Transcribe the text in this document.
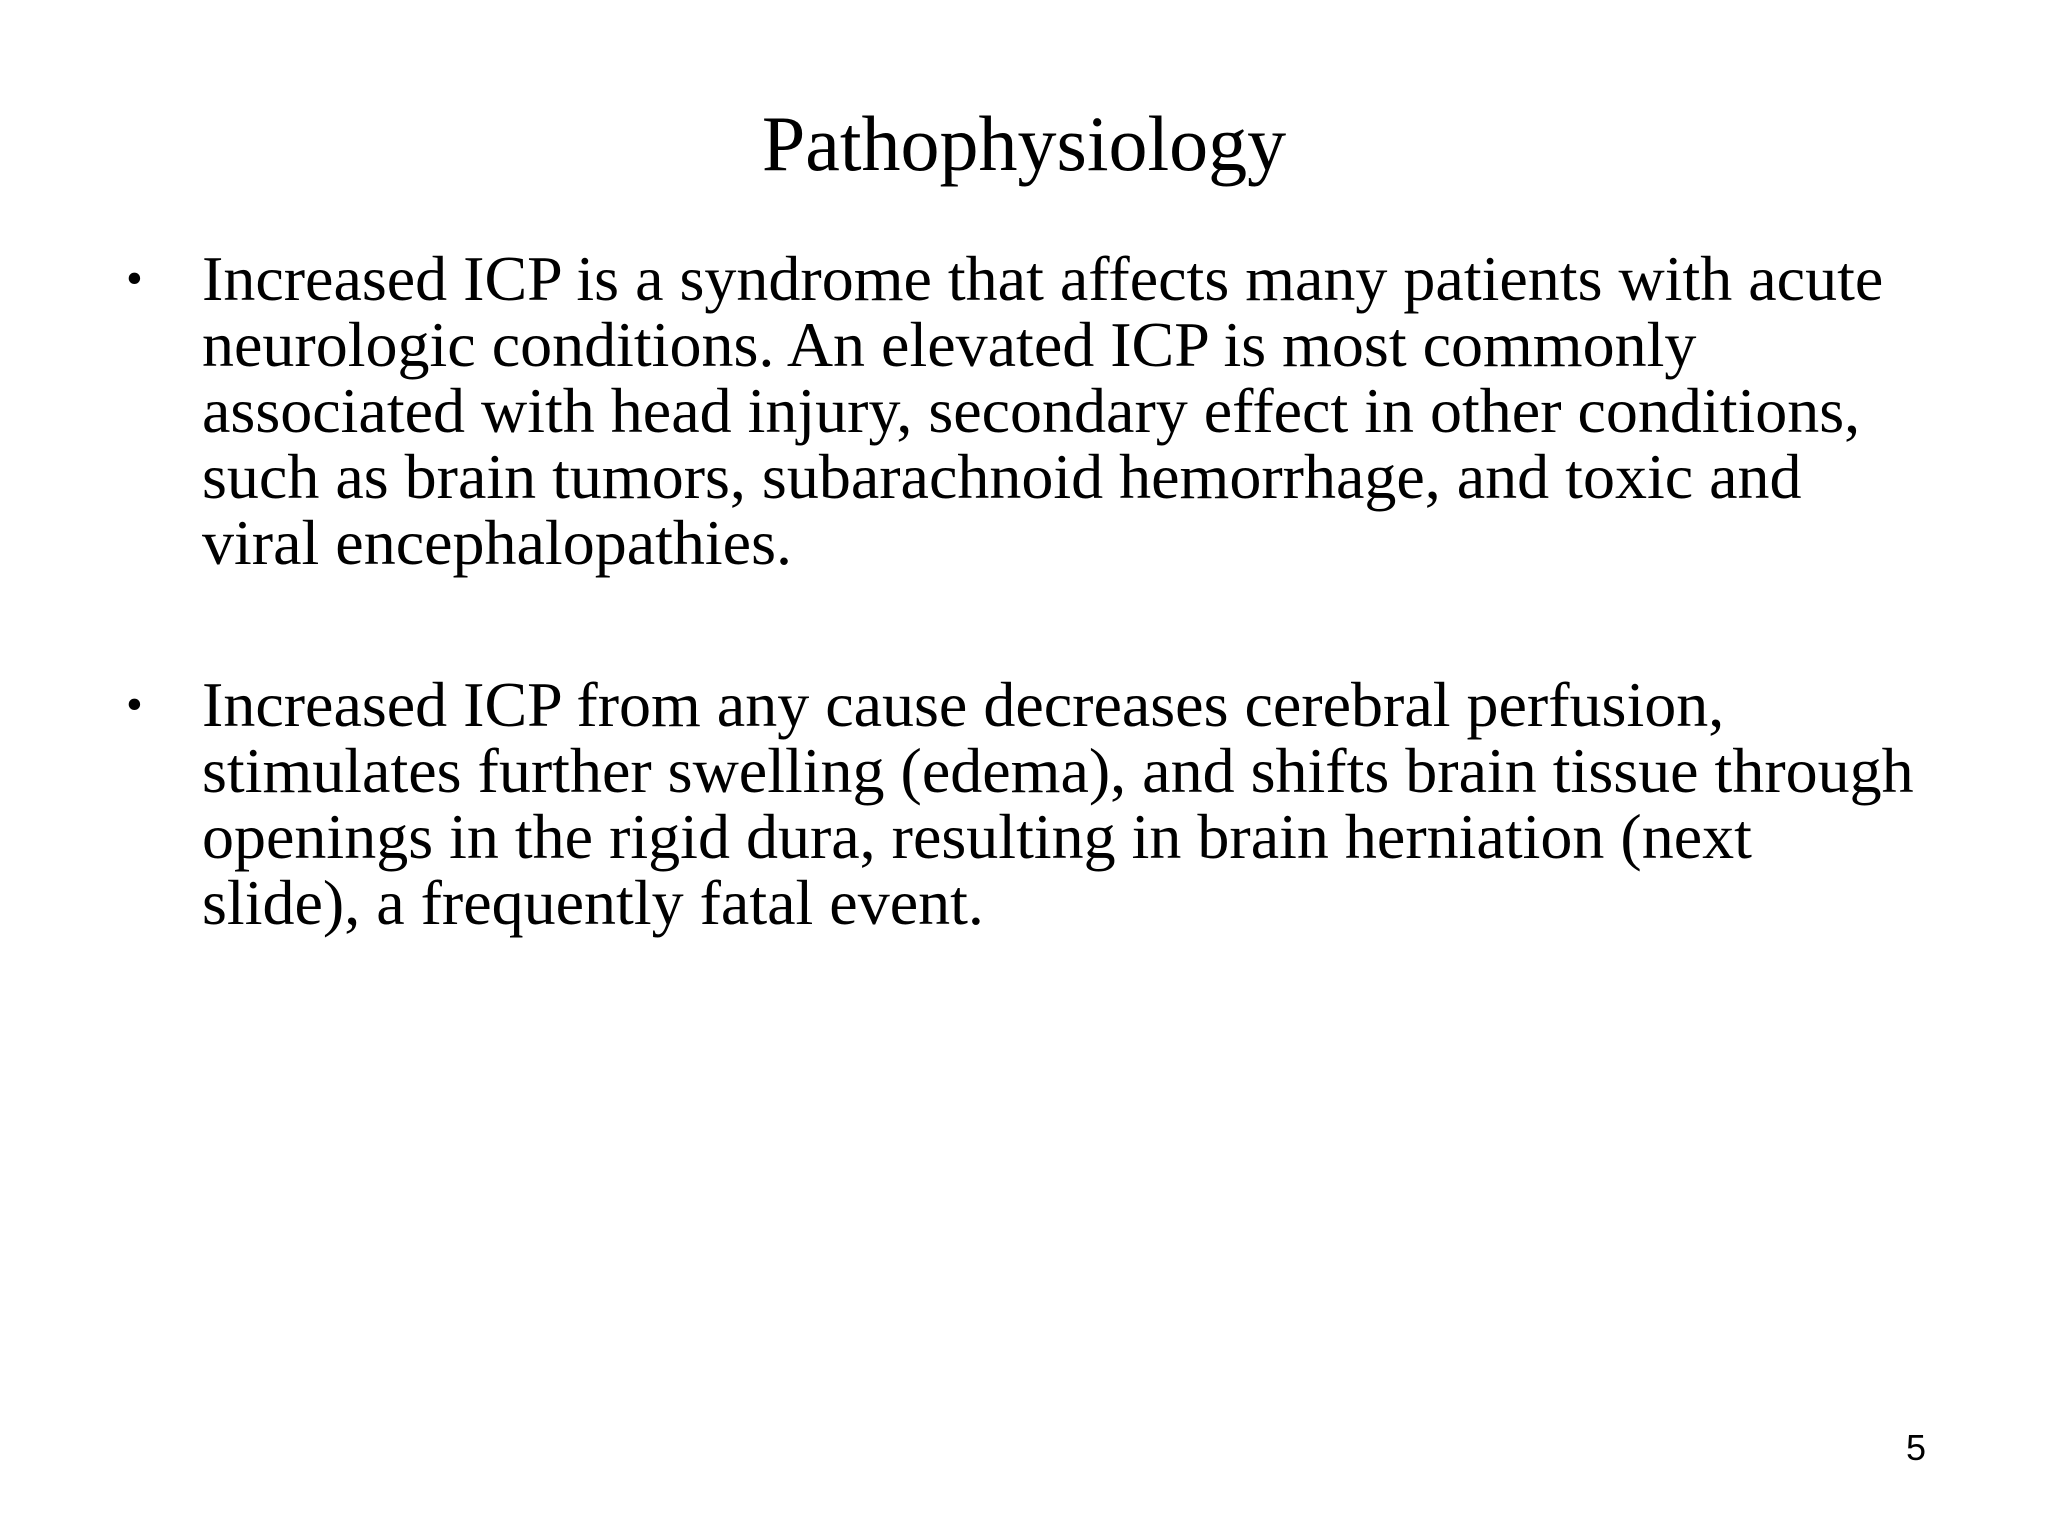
Pathophysiology
• Increased ICP is a syndrome that affects many patients with acute neurologic conditions. An elevated ICP is most commonly associated with head injury, secondary effect in other conditions, such as brain tumors, subarachnoid hemorrhage, and toxic and viral encephalopathies.
• Increased ICP from any cause decreases cerebral perfusion, stimulates further swelling (edema), and shifts brain tissue through openings in the rigid dura, resulting in brain herniation (next slide), a frequently fatal event.
5
